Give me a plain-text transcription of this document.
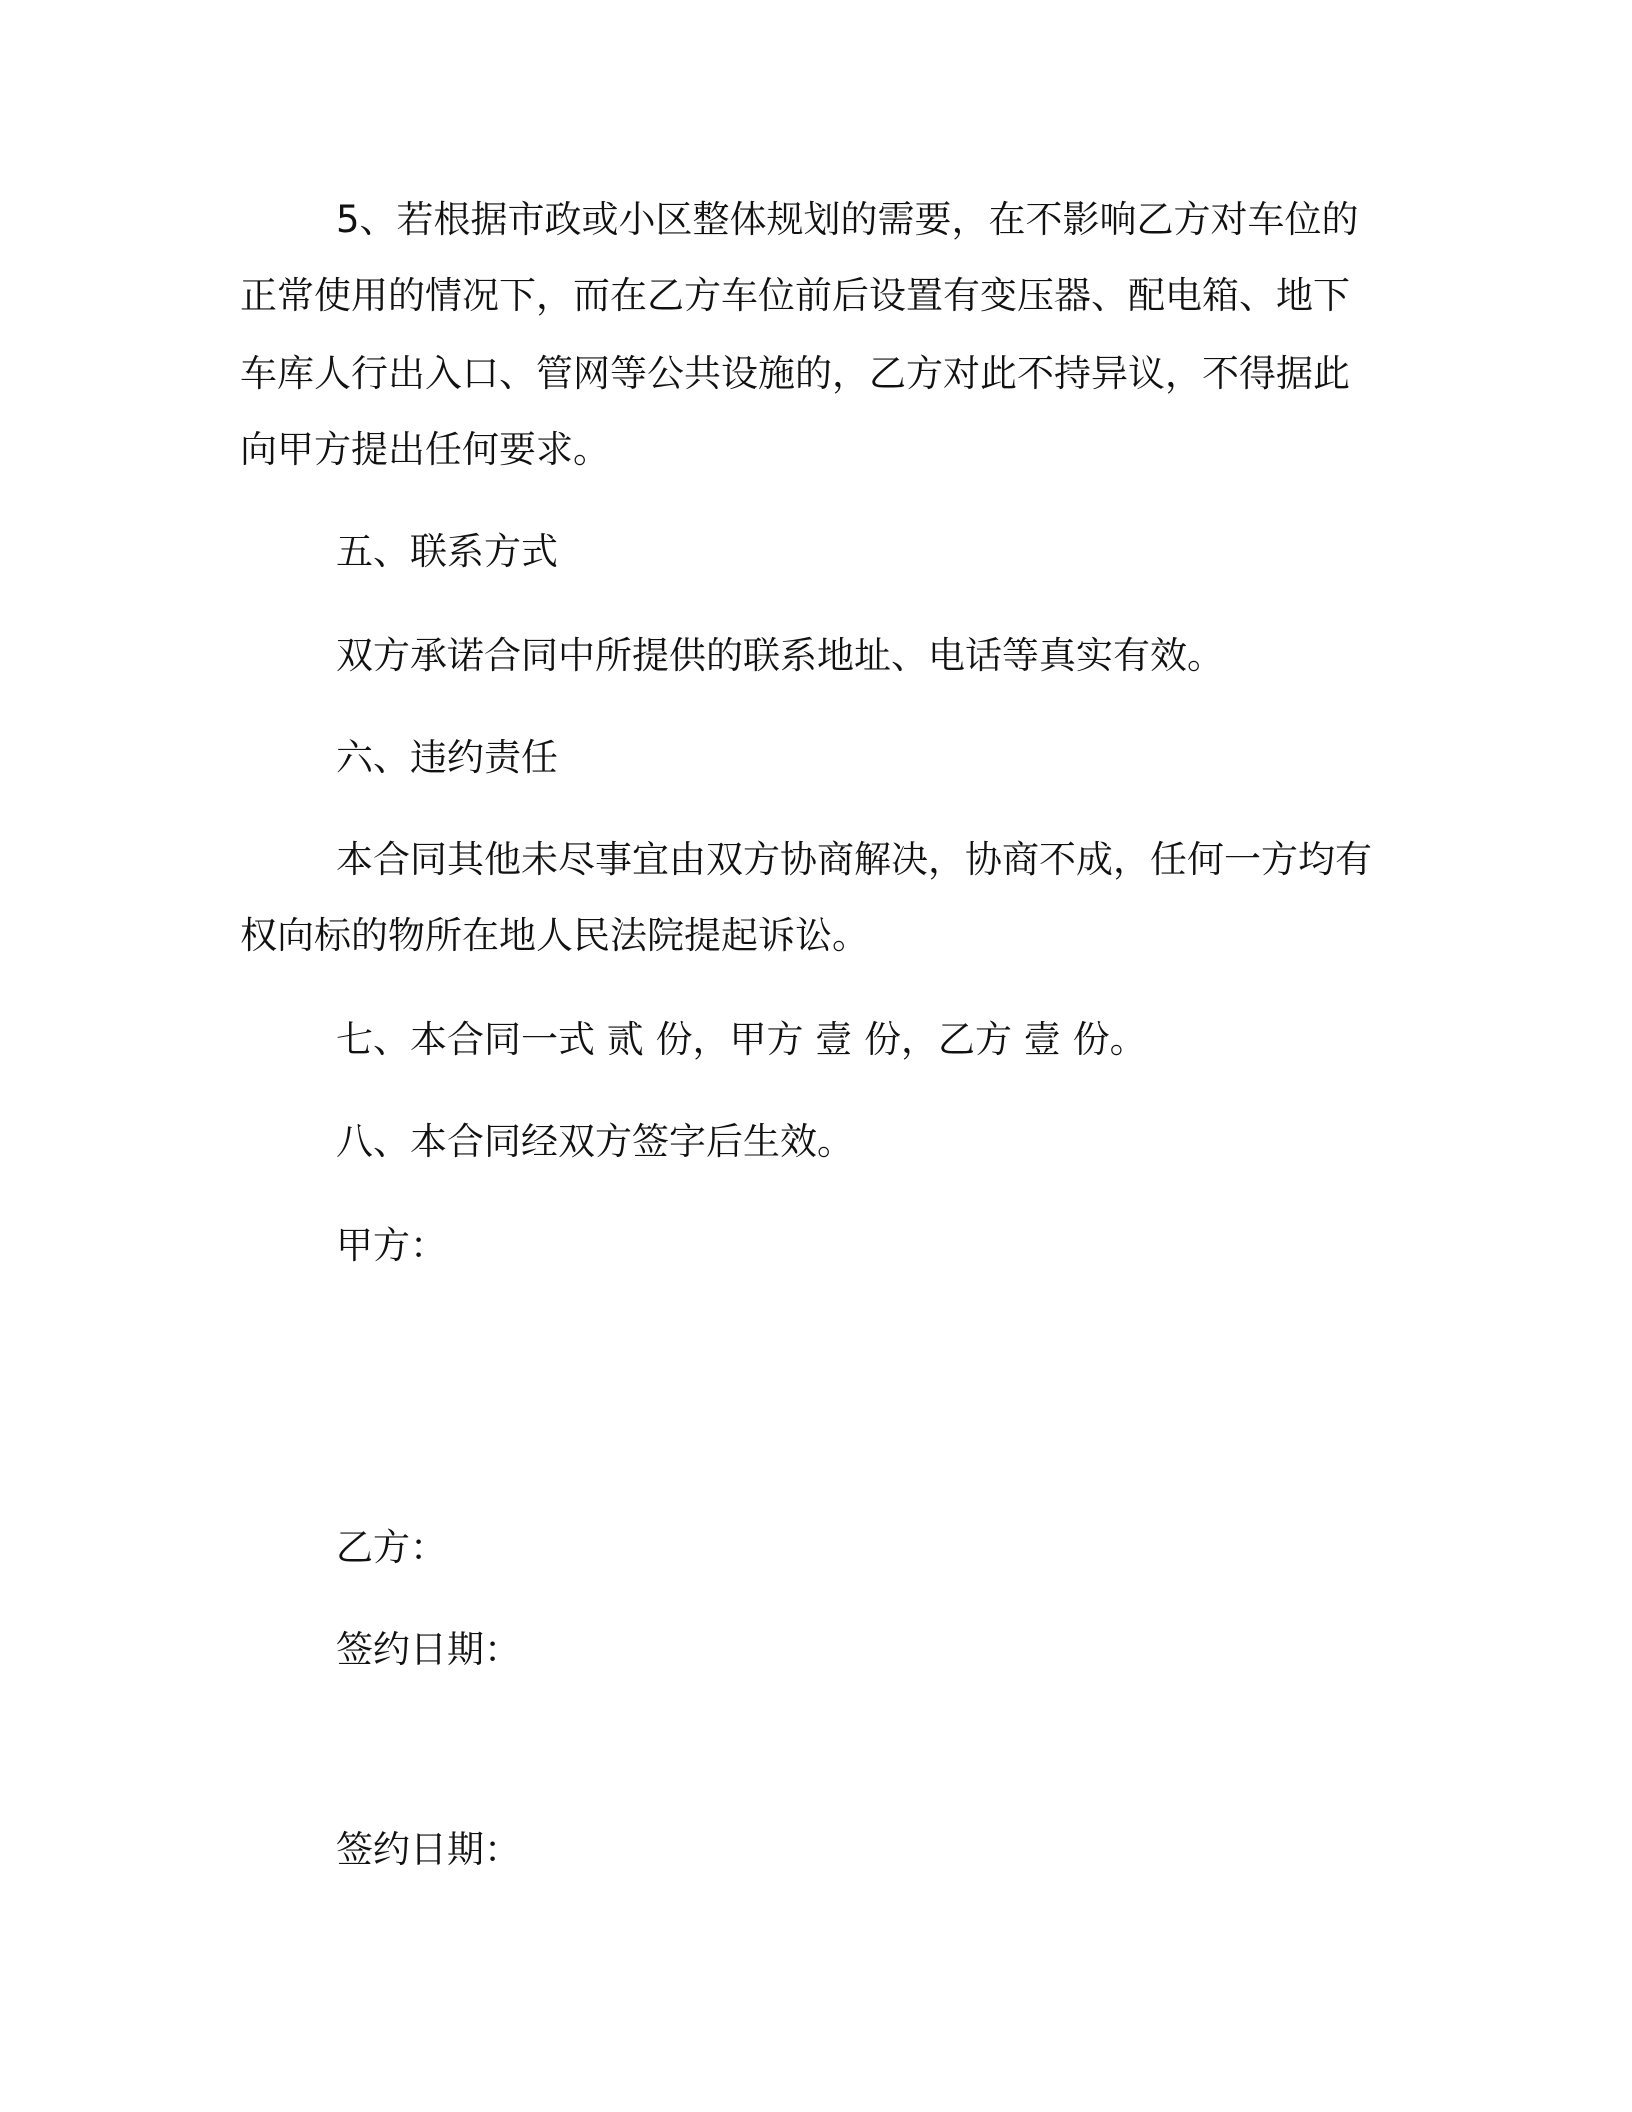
5、若根据市政或小区整体规划的需要，在不影响乙方对车位的
正常使用的情况下，而在乙方车位前后设置有变压器、配电箱、地下
车库人行出入口、管网等公共设施的，乙方对此不持异议，不得据此
向甲方提出任何要求。
五、联系方式
双方承诺合同中所提供的联系地址、电话等真实有效。
六、违约责任
本合同其他未尽事宜由双方协商解决，协商不成，任何一方均有
权向标的物所在地人民法院提起诉讼。
七、本合同一式 贰 份，甲方 壹 份，乙方 壹 份。
八、本合同经双方签字后生效。
甲方：
乙方：
签约日期：
签约日期：
